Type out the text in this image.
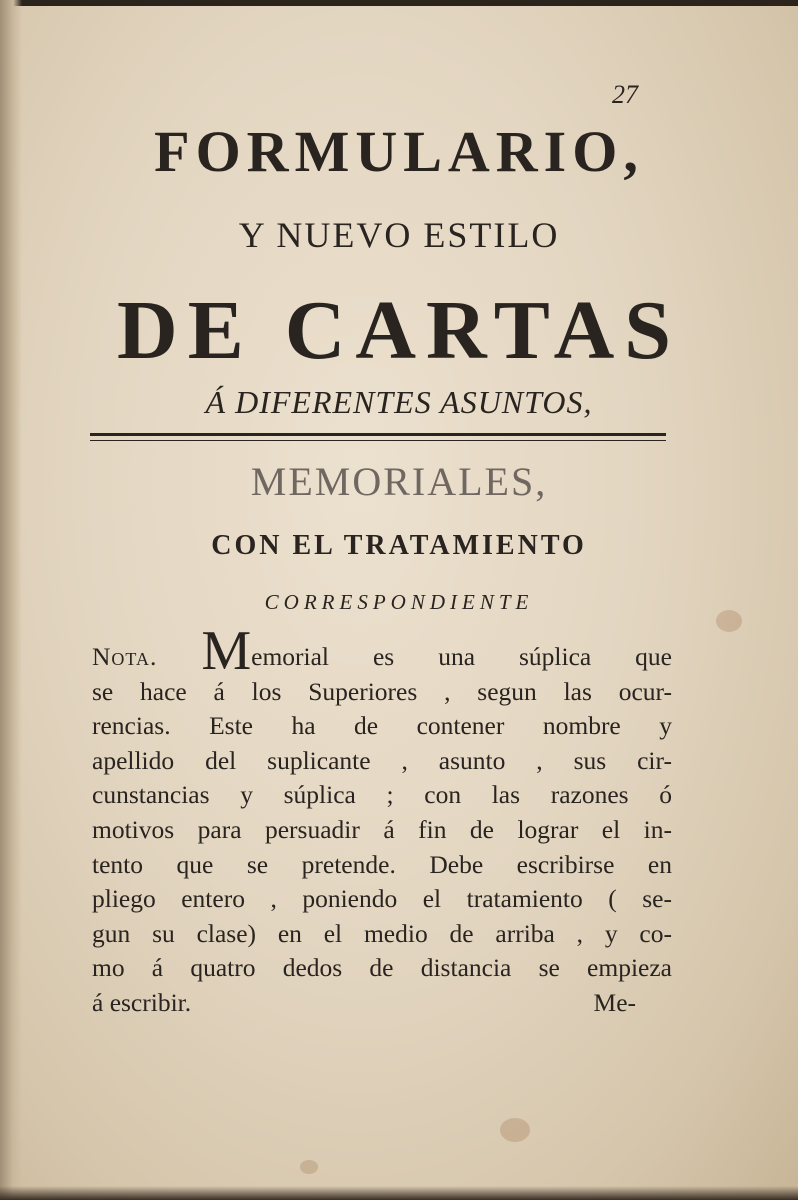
27
FORMULARIO,
Y NUEVO ESTILO
DE CARTAS
Á DIFERENTES ASUNTOS,
MEMORIALES,
CON EL TRATAMIENTO
CORRESPONDIENTE
Nota. Memorial es una súplica que
se hace á los Superiores , segun las ocur-
rencias. Este ha de contener nombre y
apellido del suplicante , asunto , sus cir-
cunstancias y súplica ; con las razones ó
motivos para persuadir á fin de lograr el in-
tento que se pretende. Debe escribirse en
pliego entero , poniendo el tratamiento ( se-
gun su clase) en el medio de arriba , y co-
mo á quatro dedos de distancia se empieza
á escribir.	Me-
